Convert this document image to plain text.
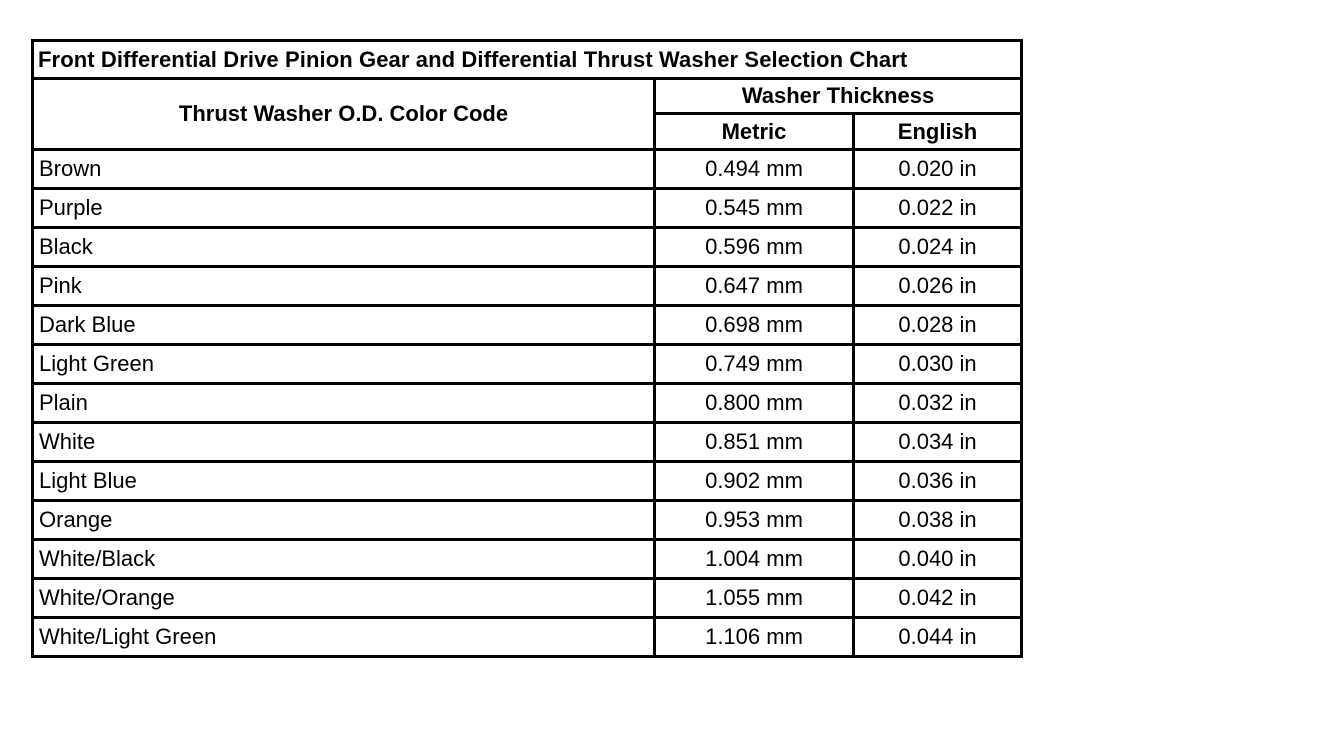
Front Differential Drive Pinion Gear and Differential Thrust Washer Selection Chart		
Thrust Washer O.D. Color Code	Washer Thickness	
	Metric	English
Brown	0.494 mm	0.020 in
Purple	0.545 mm	0.022 in
Black	0.596 mm	0.024 in
Pink	0.647 mm	0.026 in
Dark Blue	0.698 mm	0.028 in
Light Green	0.749 mm	0.030 in
Plain	0.800 mm	0.032 in
White	0.851 mm	0.034 in
Light Blue	0.902 mm	0.036 in
Orange	0.953 mm	0.038 in
White/Black	1.004 mm	0.040 in
White/Orange	1.055 mm	0.042 in
White/Light Green	1.106 mm	0.044 in
